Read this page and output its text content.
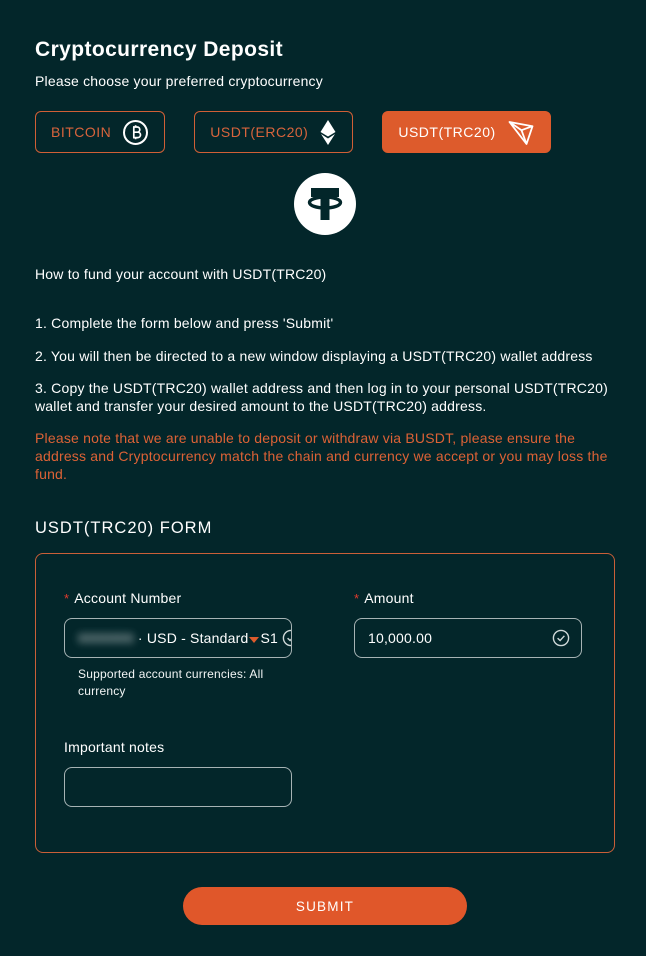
Cryptocurrency Deposit
Please choose your preferred cryptocurrency
BITCOIN	USDT(ERC20)	USDT(TRC20)
How to fund your account with USDT(TRC20)

1. Complete the form below and press 'Submit'

2. You will then be directed to a new window displaying a USDT(TRC20) wallet address

3. Copy the USDT(TRC20) wallet address and then log in to your personal USDT(TRC20) wallet and transfer your desired amount to the USDT(TRC20) address.

Please note that we are unable to deposit or withdraw via BUSDT, please ensure the address and Cryptocurrency match the chain and currency we accept or you may loss the fund.

USDT(TRC20) FORM
* Account Number
0000000 · USD - Standard S1
Supported account currencies: All currency
Important notes
* Amount
10,000.00
SUBMIT
